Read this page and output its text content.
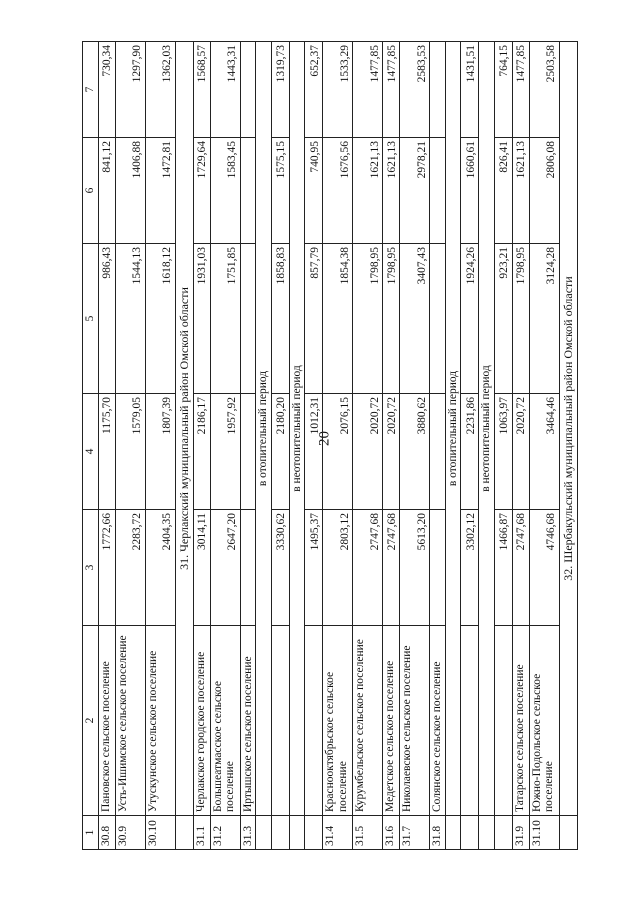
20
1	2	3	4	5	6	7
30.8	Пановское сельское поселение	1772,66	1175,70	986,43	841,12	730,34
30.9	Усть-Ишимское сельское поселение	2283,72	1579,05	1544,13	1406,88	1297,90
30.10	Утускунское сельское поселение	2404,35	1807,39	1618,12	1472,81	1362,03
	31. Черлакский муниципальный район Омской области					
31.1	Черлакское городское поселение	3014,11	2186,17	1931,03	1729,64	1568,57
31.2	Большеатмасское сельское поселение	2647,20	1957,92	1751,85	1583,45	1443,31
31.3	Иртышское сельское поселение					
	в отопительный период					
		3330,62	2180,20	1858,83	1575,15	1319,73
	в неотопительный период					
		1495,37	1012,31	857,79	740,95	652,37
31.4	Краснооктябрьское сельское поселение	2803,12	2076,15	1854,38	1676,56	1533,29
31.5	Курумбельское сельское поселение	2747,68	2020,72	1798,95	1621,13	1477,85
31.6	Медетское сельское поселение	2747,68	2020,72	1798,95	1621,13	1477,85
31.7	Николаевское сельское поселение	5613,20	3880,62	3407,43	2978,21	2583,53
31.8	Солянское сельское поселение					
	в отопительный период					
		3302,12	2231,86	1924,26	1660,61	1431,51
	в неотопительный период					
		1466,87	1063,97	923,21	826,41	764,15
31.9	Татарское сельское поселение	2747,68	2020,72	1798,95	1621,13	1477,85
31.10	Южно-Подольское сельское поселение	4746,68	3464,46	3124,28	2806,08	2503,58
	32. Шербакульский муниципальный район Омской области					
